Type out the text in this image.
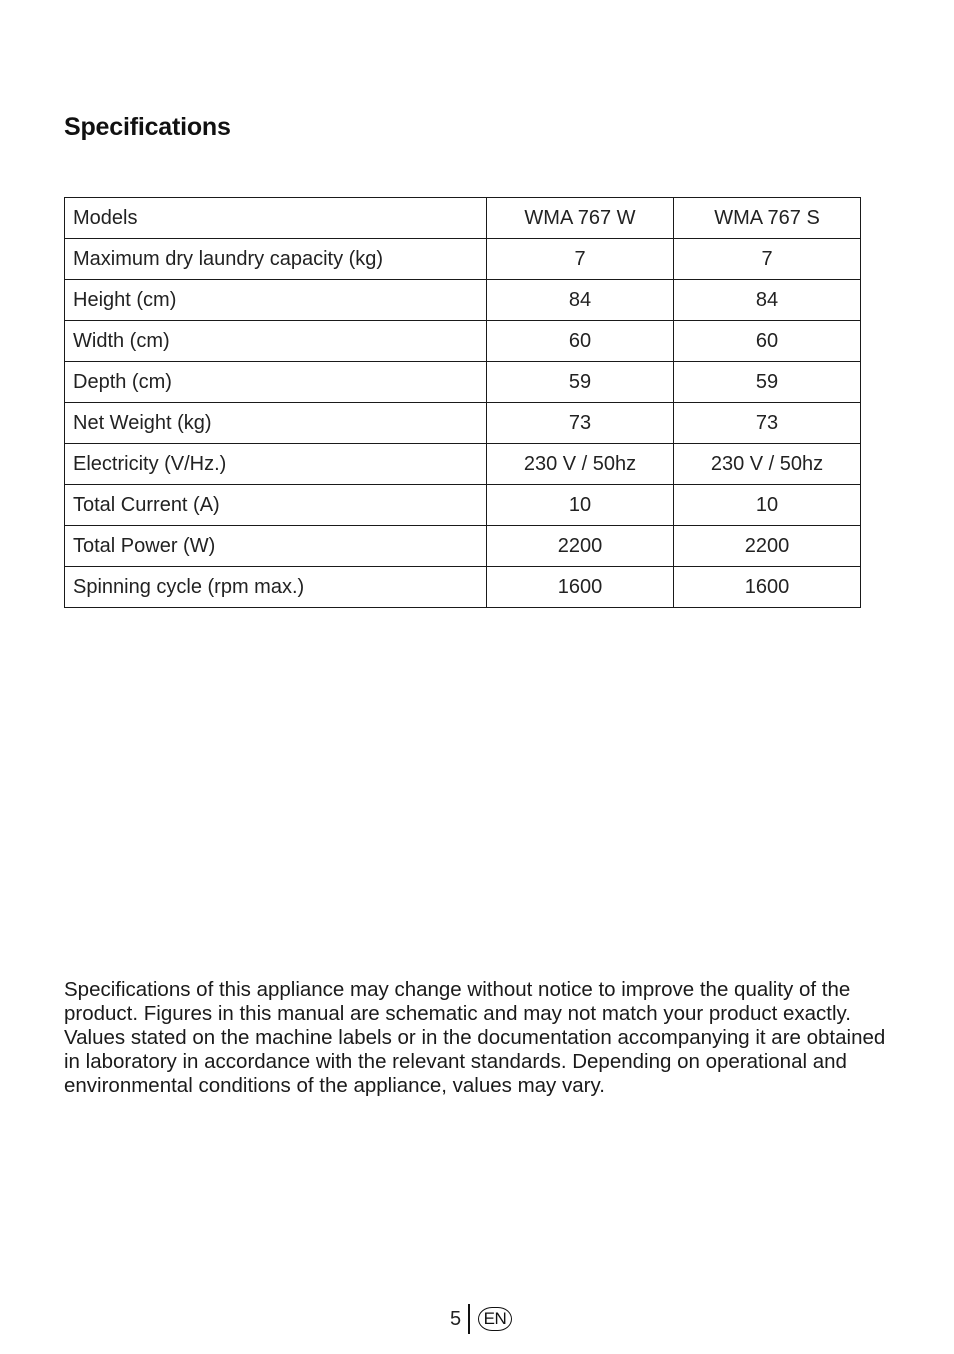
Specifications
Models	WMA 767 W	WMA 767 S
Maximum dry laundry capacity (kg)	7	7
Height (cm)	84	84
Width (cm)	60	60
Depth (cm)	59	59
Net Weight (kg)	73	73
Electricity (V/Hz.)	230 V / 50hz	230 V / 50hz
Total Current (A)	10	10
Total Power (W)	2200	2200
Spinning cycle (rpm max.)	1600	1600

Specifications of this appliance may change without notice to improve the quality of the product. Figures in this manual are schematic and may not match your product exactly.

Values stated on the machine labels or in the documentation accompanying it are obtained in laboratory in accordance with the relevant standards. Depending on operational and environmental conditions of the appliance, values may vary.

5	EN
